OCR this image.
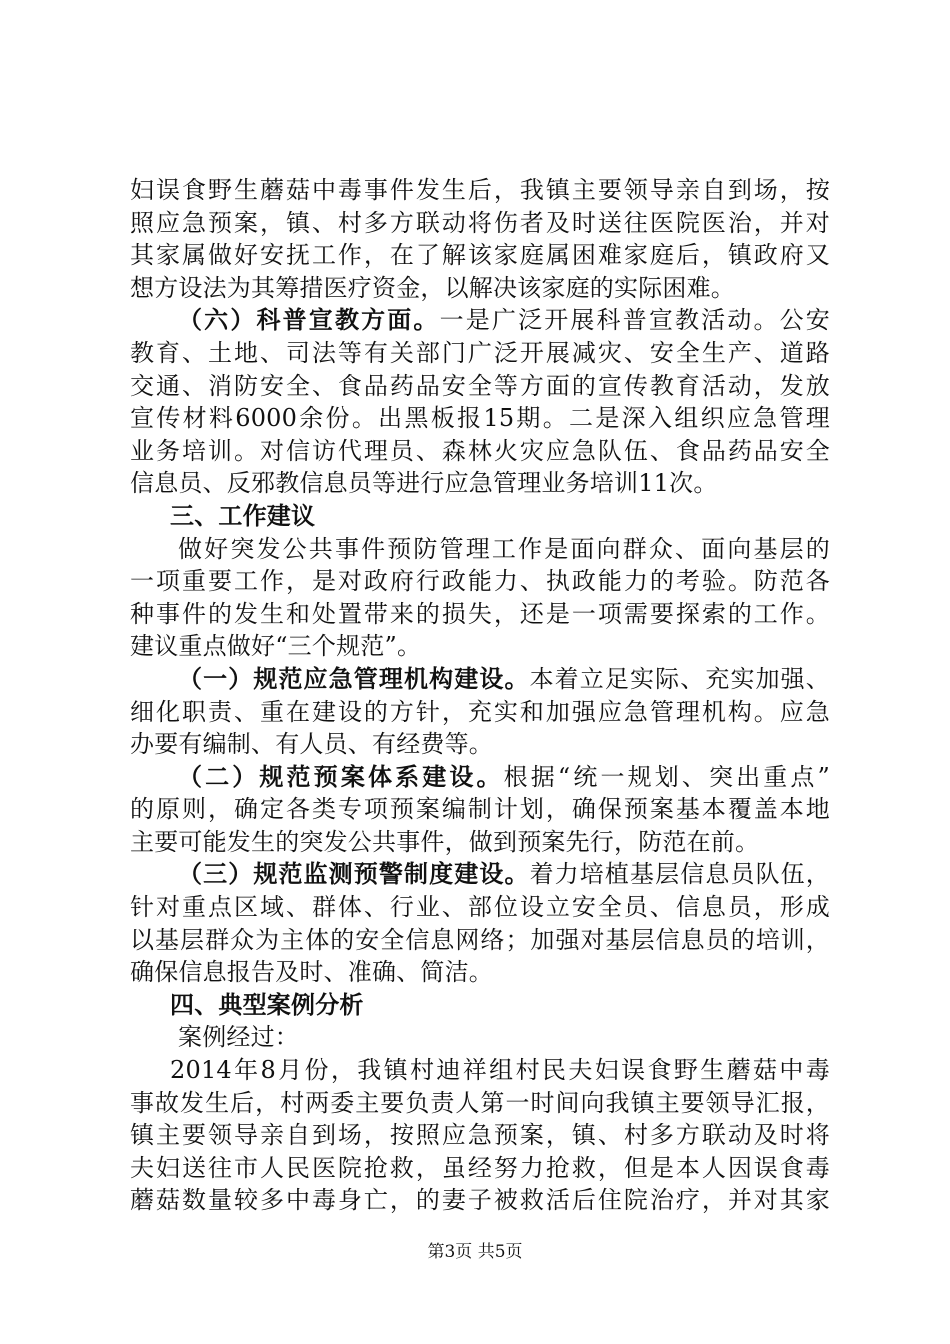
妇误食野生蘑菇中毒事件发生后，我镇主要领导亲自到场，按
照应急预案，镇、村多方联动将伤者及时送往医院医治，并对
其家属做好安抚工作，在了解该家庭属困难家庭后，镇政府又
想方设法为其筹措医疗资金，以解决该家庭的实际困难。
（六）科普宣教方面。一是广泛开展科普宣教活动。公安
教育、土地、司法等有关部门广泛开展减灾、安全生产、道路
交通、消防安全、食品药品安全等方面的宣传教育活动，发放
宣传材料6000余份。出黑板报15期。二是深入组织应急管理
业务培训。对信访代理员、森林火灾应急队伍、食品药品安全
信息员、反邪教信息员等进行应急管理业务培训11次。
三、工作建议
做好突发公共事件预防管理工作是面向群众、面向基层的
一项重要工作，是对政府行政能力、执政能力的考验。防范各
种事件的发生和处置带来的损失，还是一项需要探索的工作。
建议重点做好“三个规范”。
（一）规范应急管理机构建设。本着立足实际、充实加强、
细化职责、重在建设的方针，充实和加强应急管理机构。应急
办要有编制、有人员、有经费等。
（二）规范预案体系建设。根据“统一规划、突出重点”
的原则，确定各类专项预案编制计划，确保预案基本覆盖本地
主要可能发生的突发公共事件，做到预案先行，防范在前。
（三）规范监测预警制度建设。着力培植基层信息员队伍，
针对重点区域、群体、行业、部位设立安全员、信息员，形成
以基层群众为主体的安全信息网络；加强对基层信息员的培训，
确保信息报告及时、准确、简洁。
四、典型案例分析
案例经过：
2014年8月份，我镇村迪祥组村民夫妇误食野生蘑菇中毒
事故发生后，村两委主要负责人第一时间向我镇主要领导汇报，
镇主要领导亲自到场，按照应急预案，镇、村多方联动及时将
夫妇送往市人民医院抢救，虽经努力抢救，但是本人因误食毒
蘑菇数量较多中毒身亡，的妻子被救活后住院治疗，并对其家
第3页 共5页
